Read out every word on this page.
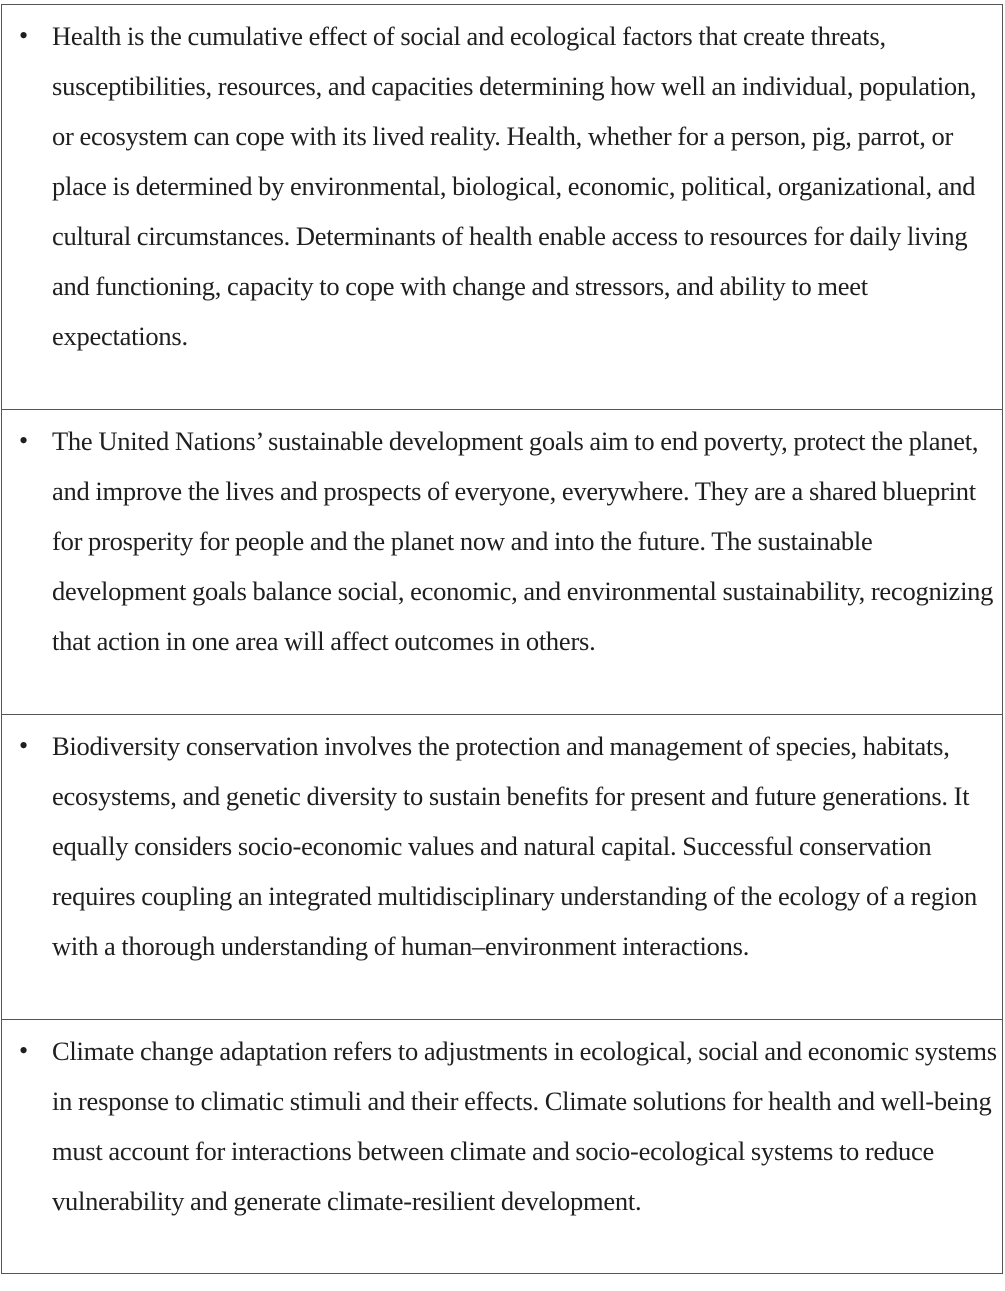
• Health is the cumulative effect of social and ecological factors that create threats, susceptibilities, resources, and capacities determining how well an individual, population, or ecosystem can cope with its lived reality. Health, whether for a person, pig, parrot, or place is determined by environmental, biological, economic, political, organizational, and cultural circumstances. Determinants of health enable access to resources for daily living and functioning, capacity to cope with change and stressors, and ability to meet expectations.

• The United Nations’ sustainable development goals aim to end poverty, protect the planet, and improve the lives and prospects of everyone, everywhere. They are a shared blueprint for prosperity for people and the planet now and into the future. The sustainable development goals balance social, economic, and environmental sustainability, recognizing that action in one area will affect outcomes in others.

• Biodiversity conservation involves the protection and management of species, habitats, ecosystems, and genetic diversity to sustain benefits for present and future generations. It equally considers socio-economic values and natural capital. Successful conservation requires coupling an integrated multidisciplinary understanding of the ecology of a region with a thorough understanding of human–environment interactions.

• Climate change adaptation refers to adjustments in ecological, social and economic systems in response to climatic stimuli and their effects. Climate solutions for health and well-being must account for interactions between climate and socio-ecological systems to reduce vulnerability and generate climate-resilient development.
